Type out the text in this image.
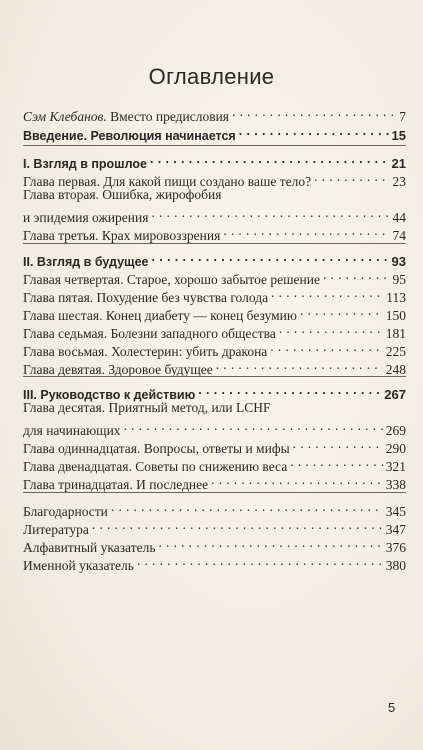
Оглавление
Сэм Клебанов. Вместо предисловия . . .	7
Введение. Революция начинается . . .	15
I. Взгляд в прошлое . . .	21
Глава первая. Для какой пищи создано ваше тело? . . .	23
Глава вторая. Ошибка, жирофобия
и эпидемия ожирения . . .	44
Глава третья. Крах мировоззрения . . .	74
II. Взгляд в будущее . . .	93
Главая четвертая. Старое, хорошо забытое решение . . .	95
Глава пятая. Похудение без чувства голода . . .	113
Глава шестая. Конец диабету — конец безумию . . .	150
Глава седьмая. Болезни западного общества . . .	181
Глава восьмая. Холестерин: убить дракона . . .	225
Глава девятая. Здоровое будущее . . .	248
III. Руководство к действию . . .	267
Глава десятая. Приятный метод, или LCHF
для начинающих . . .	269
Глава одиннадцатая. Вопросы, ответы и мифы . . .	290
Глава двенадцатая. Советы по снижению веса . . .	321
Глава тринадцатая. И последнее . . .	338
Благодарности . . .	345
Литература . . .	347
Алфавитный указатель . . .	376
Именной указатель . . .	380
5
